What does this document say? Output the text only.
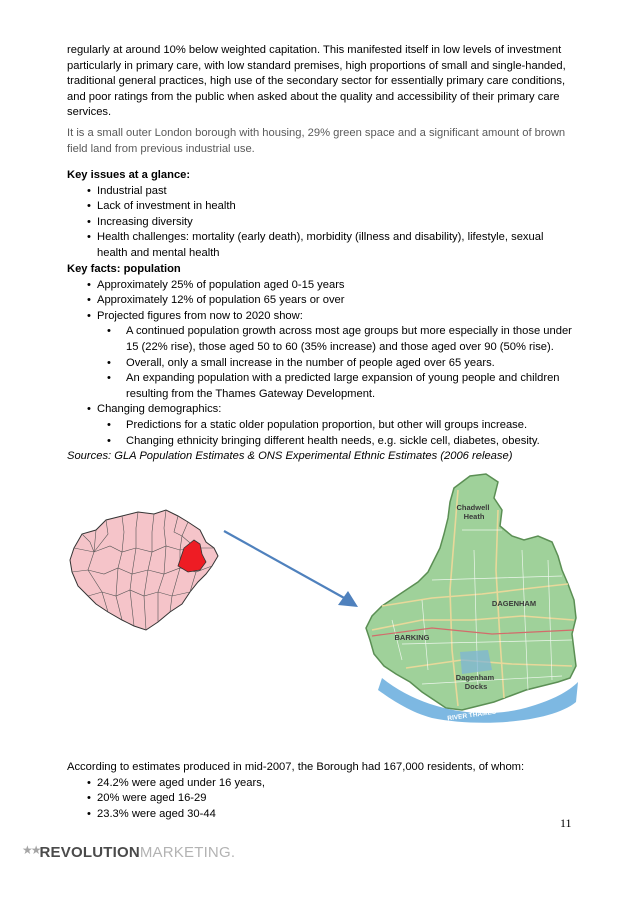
regularly at around 10% below weighted capitation. This manifested itself in low levels of investment particularly in primary care, with low standard premises, high proportions of small and single-handed, traditional general practices, high use of the secondary sector for essentially primary care conditions, and poor ratings from the public when asked about the quality and accessibility of their primary care services.
It is a small outer London borough with housing, 29% green space and a significant amount of brown field land from previous industrial use.
Key issues at a glance:
• Industrial past
• Lack of investment in health
• Increasing diversity
• Health challenges: mortality (early death), morbidity (illness and disability), lifestyle, sexual health and mental health
Key facts: population
• Approximately 25% of population aged 0-15 years
• Approximately 12% of population 65 years or over
• Projected figures from now to 2020 show:
• A continued population growth across most age groups but more especially in those under 15 (22% rise), those aged 50 to 60 (35% increase) and those aged over 90 (50% rise).
• Overall, only a small increase in the number of people aged over 65 years.
• An expanding population with a predicted large expansion of young people and children resulting from the Thames Gateway Development.
• Changing demographics:
• Predictions for a static older population proportion, but other will groups increase.
• Changing ethnicity bringing different health needs, e.g. sickle cell, diabetes, obesity.
Sources: GLA Population Estimates & ONS Experimental Ethnic Estimates (2006 release)
Chadwell Heath
DAGENHAM
BARKING
Dagenham Docks
RIVER THAMES
According to estimates produced in mid-2007, the Borough had 167,000 residents, of whom:
• 24.2% were aged under 16 years,
• 20% were aged 16-29
• 23.3% were aged 30-44
11
★★REVOLUTIONMARKETING.
